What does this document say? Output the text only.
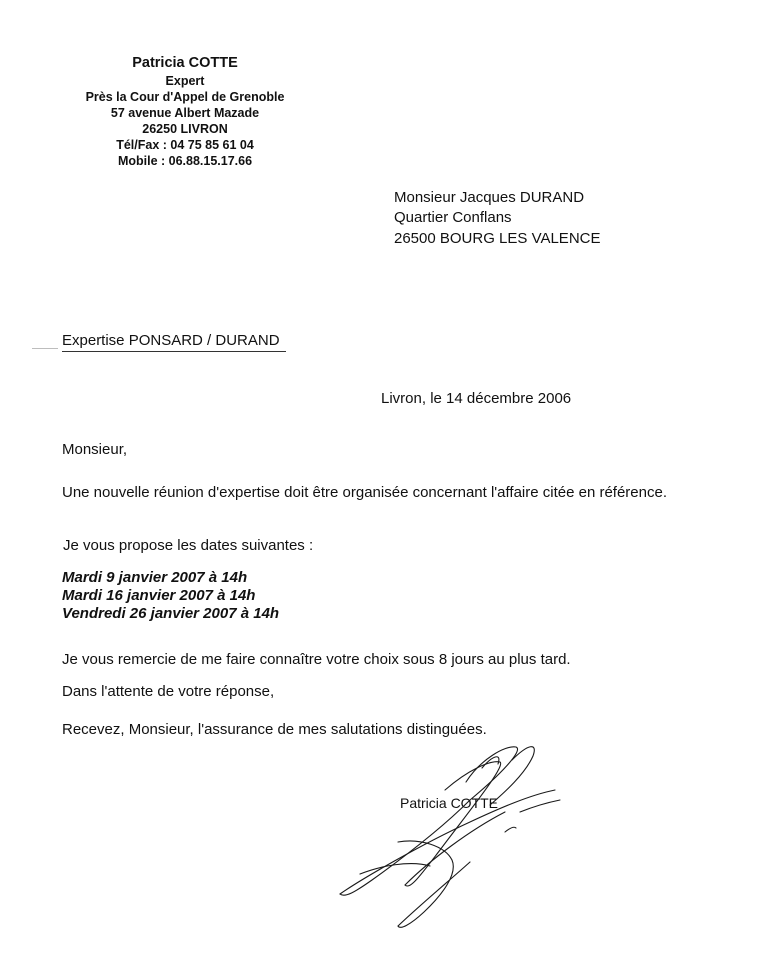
Patricia COTTE
Expert
Près la Cour d'Appel de Grenoble
57 avenue Albert Mazade
26250 LIVRON
Tél/Fax : 04 75 85 61 04
Mobile : 06.88.15.17.66
Monsieur Jacques DURAND
Quartier Conflans
26500 BOURG LES VALENCE
Expertise PONSARD / DURAND
Livron, le 14 décembre 2006
Monsieur,
Une nouvelle réunion d'expertise doit être organisée concernant l'affaire citée en référence.
Je vous propose les dates suivantes :
Mardi 9 janvier 2007 à 14h
Mardi 16 janvier 2007 à 14h
Vendredi 26 janvier 2007 à 14h
Je vous remercie de me faire connaître votre choix sous 8 jours au plus tard.
Dans l'attente de votre réponse,
Recevez, Monsieur, l'assurance de mes salutations distinguées.
Patricia COTTE
